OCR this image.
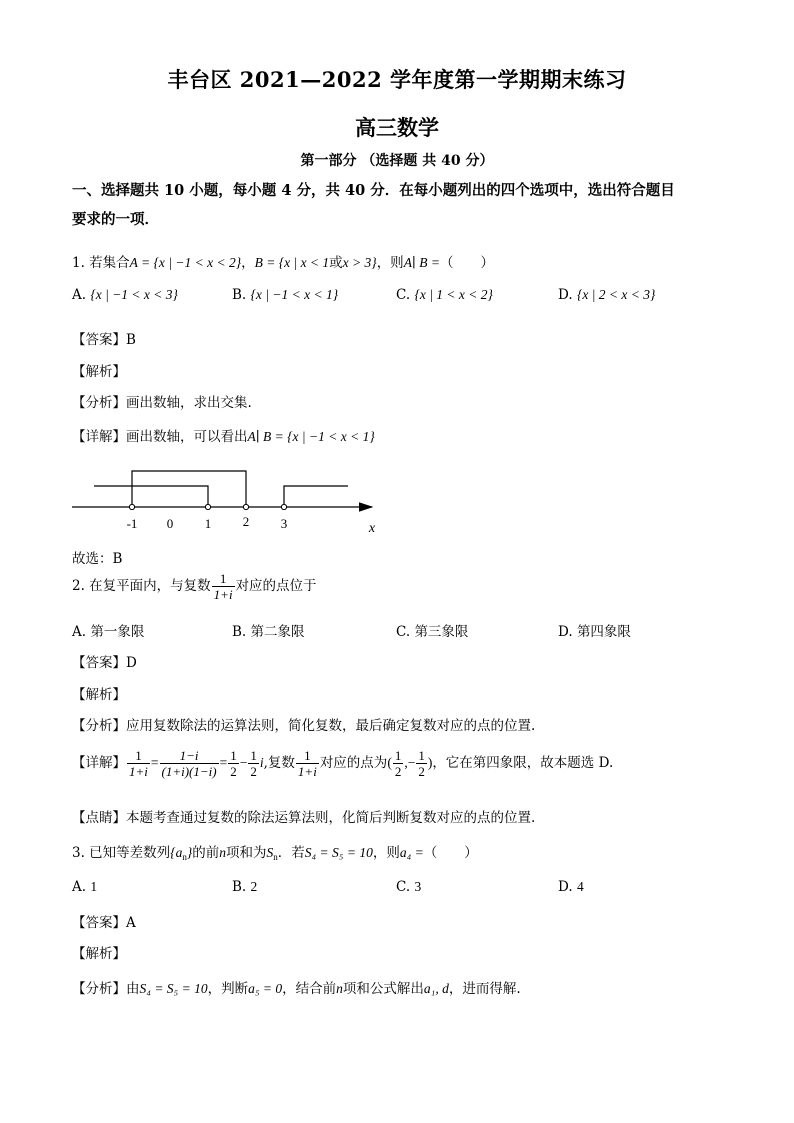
丰台区 2021—2022 学年度第一学期期末练习
高三数学
第一部分 （选择题 共 40 分）
一、选择题共 10 小题，每小题 4 分，共 40 分．在每小题列出的四个选项中，选出符合题目
要求的一项．
1. 若集合A = {x | −1 < x < 2}，B = {x | x < 1或x > 3}，则A∣ B =（　　）
A. {x | −1 < x < 3}	B. {x | −1 < x < 1}	C. {x | 1 < x < 2}	D. {x | 2 < x < 3}
【答案】B
【解析】
【分析】画出数轴，求出交集.
【详解】画出数轴，可以看出A∣ B = {x | −1 < x < 1}
-1 0 1 2 3	x
故选：B
2. 在复平面内，与复数 $\frac{1}{1+i}$ 对应的点位于
A. 第一象限	B. 第二象限	C. 第三象限	D. 第四象限
【答案】D
【解析】
【分析】应用复数除法的运算法则，简化复数，最后确定复数对应的点的位置.
【详解】 $\frac{1}{1+i} = \frac{1-i}{(1+i)(1-i)} = \frac{1}{2} - \frac{1}{2} i$,复数 $\frac{1}{1+i}$ 对应的点为( $\frac{1}{2}$ ,− $\frac{1}{2}$ )，它在第四象限，故本题选 D.
【点睛】本题考查通过复数的除法运算法则，化简后判断复数对应的点的位置.
3. 已知等差数列$\{a_n\}$的前n项和为$S_n$．若S₄ = S₅ = 10，则a₄ =（　　）
A. 1	B. 2	C. 3	D. 4
【答案】A
【解析】
【分析】由S₄ = S₅ = 10，判断a₅ = 0，结合前n项和公式解出a₁, d，进而得解.
